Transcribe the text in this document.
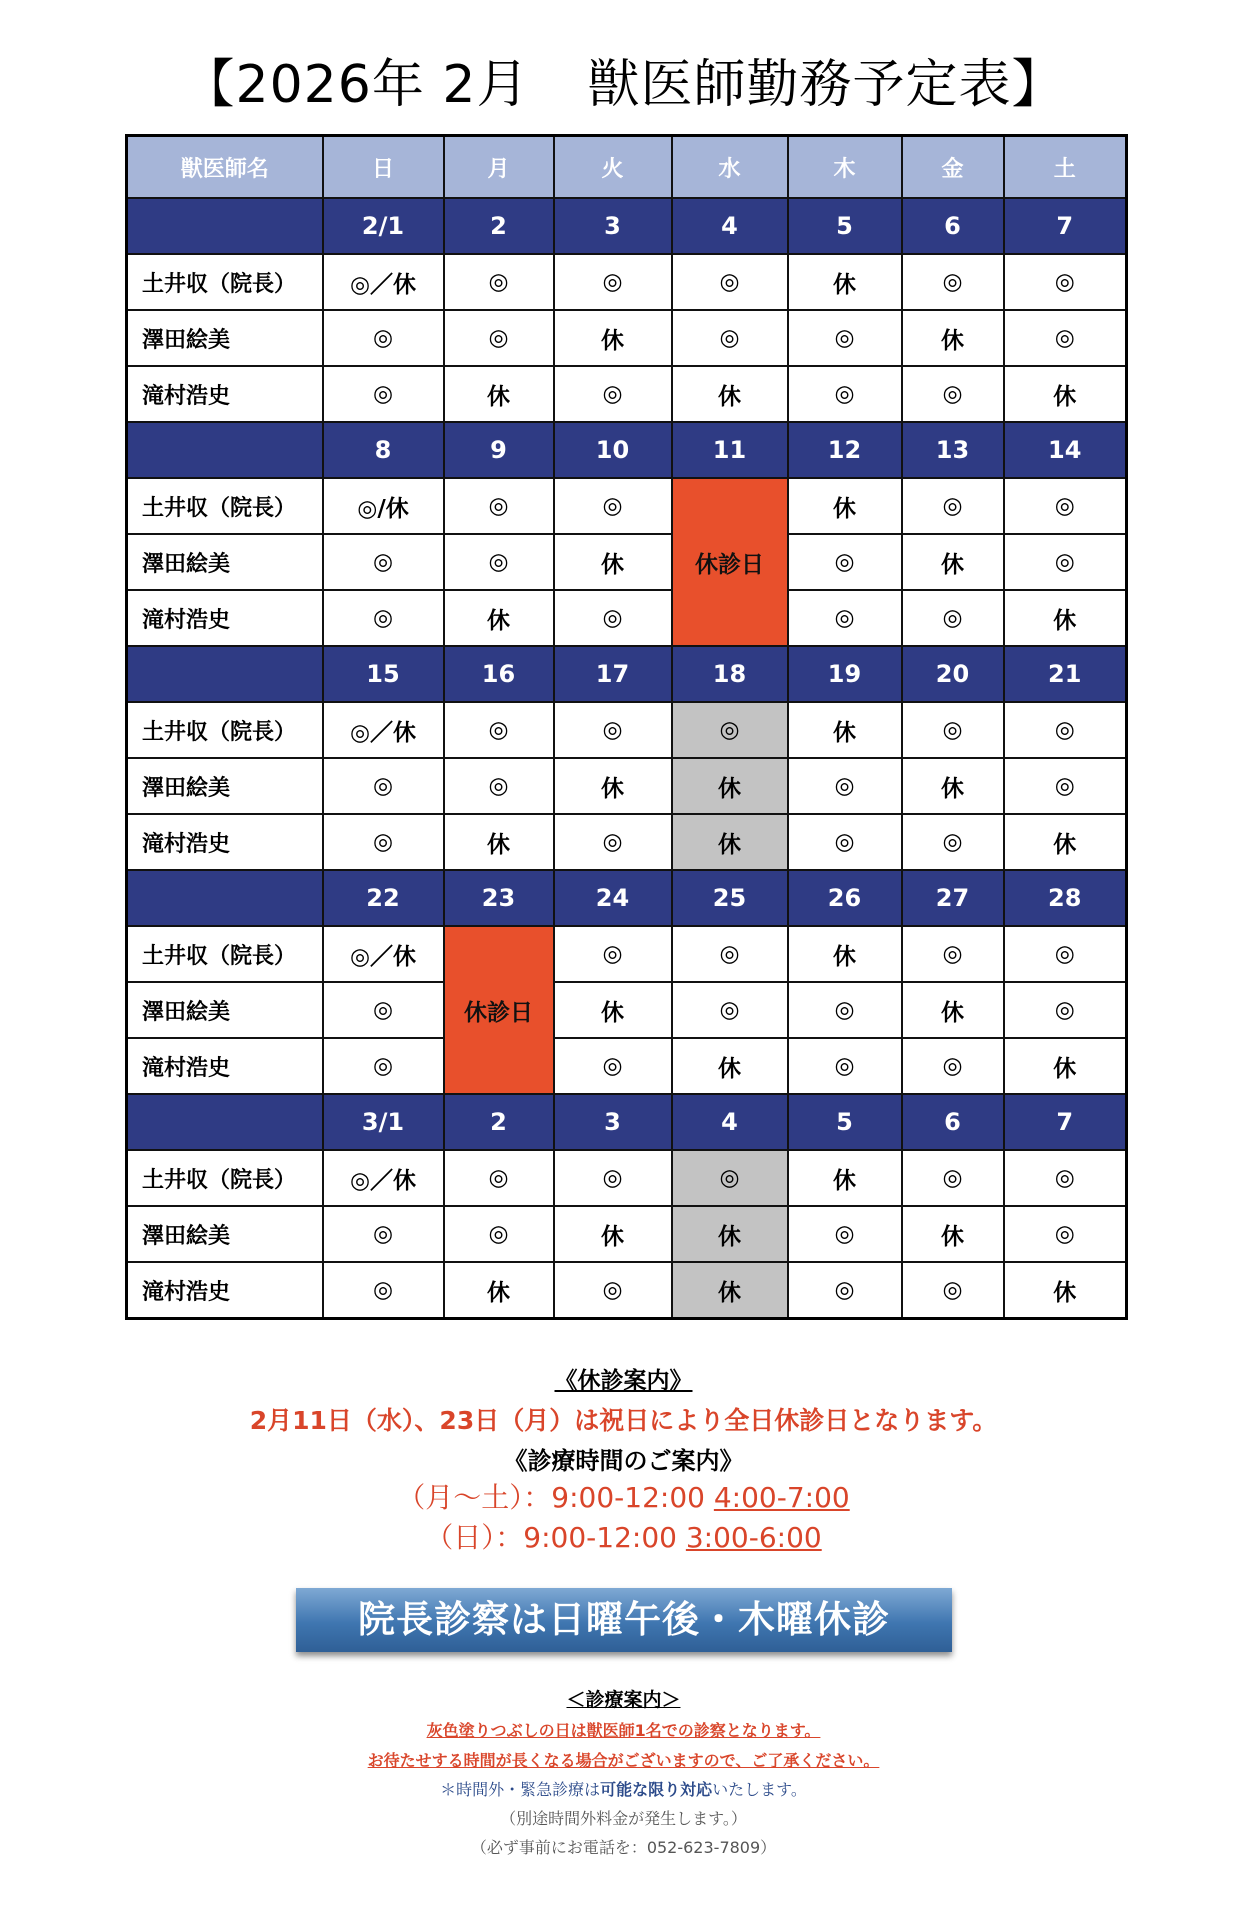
【2026年 2月 獣医師勤務予定表】
獣医師名	日	月	火	水	木	金	土
	2/1	2	3	4	5	6	7
土井収（院長）	◎／休	◎	◎	◎	休	◎	◎
澤田絵美	◎	◎	休	◎	◎	休	◎
滝村浩史	◎	休	◎	休	◎	◎	休
	8	9	10	11	12	13	14
土井収（院長）	◎/休	◎	◎	休診日	休	◎	◎
澤田絵美	◎	◎	休		◎	休	◎
滝村浩史	◎	休	◎		◎	◎	休
	15	16	17	18	19	20	21
土井収（院長）	◎／休	◎	◎	◎	休	◎	◎
澤田絵美	◎	◎	休	休	◎	休	◎
滝村浩史	◎	休	◎	休	◎	◎	休
	22	23	24	25	26	27	28
土井収（院長）	◎／休	休診日	◎	◎	休	◎	◎
澤田絵美	◎		休	◎	◎	休	◎
滝村浩史	◎		◎	休	◎	◎	休
	3/1	2	3	4	5	6	7
土井収（院長）	◎／休	◎	◎	◎	休	◎	◎
澤田絵美	◎	◎	休	休	◎	休	◎
滝村浩史	◎	休	◎	休	◎	◎	休
《休診案内》
2月11日（水）、23日（月）は祝日により全日休診日となります。
《診療時間のご案内》
（月～土）：9:00-12:00 4:00-7:00
（日）：9:00-12:00 3:00-6:00
院長診察は日曜午後・木曜休診
＜診療案内＞
灰色塗りつぶしの日は獣医師1名での診察となります。
お待たせする時間が長くなる場合がございますので、ご了承ください。
＊時間外・緊急診療は可能な限り対応いたします。
（別途時間外料金が発生します。）
（必ず事前にお電話を：052-623-7809）
